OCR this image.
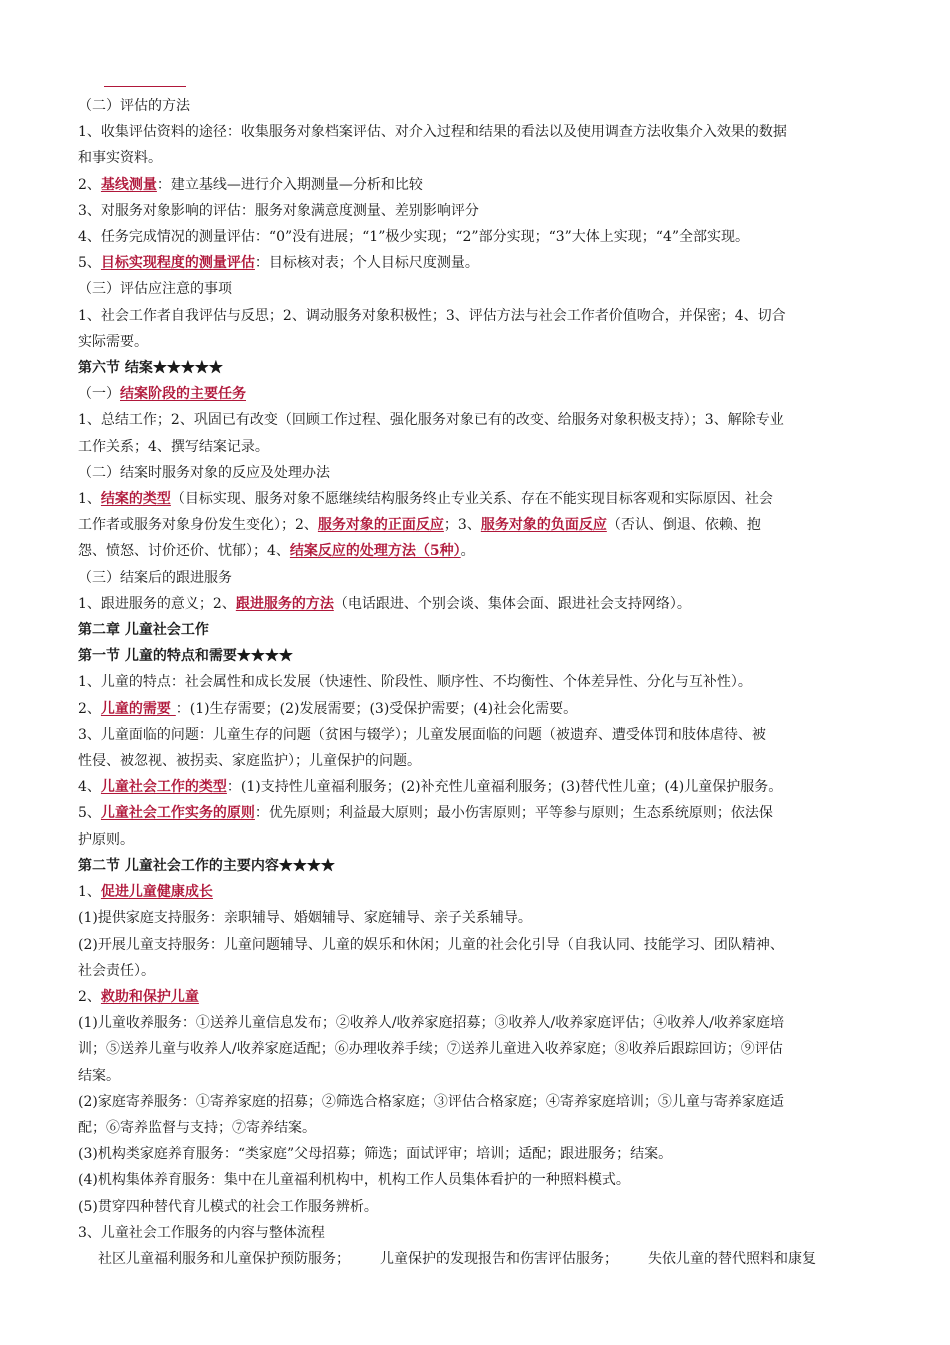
（二）评估的方法
1、收集评估资料的途径：收集服务对象档案评估、对介入过程和结果的看法以及使用调查方法收集介入效果的数据
和事实资料。
2、基线测量：建立基线—进行介入期测量—分析和比较
3、对服务对象影响的评估：服务对象满意度测量、差别影响评分
4、任务完成情况的测量评估：“0”没有进展；“1”极少实现；“2”部分实现；“3”大体上实现；“4”全部实现。
5、目标实现程度的测量评估：目标核对表；个人目标尺度测量。
（三）评估应注意的事项
1、社会工作者自我评估与反思；2、调动服务对象积极性；3、评估方法与社会工作者价值吻合，并保密；4、切合
实际需要。
第六节 结案★★★★★
（一）结案阶段的主要任务
1、总结工作；2、巩固已有改变（回顾工作过程、强化服务对象已有的改变、给服务对象积极支持）；3、解除专业
工作关系；4、撰写结案记录。
（二）结案时服务对象的反应及处理办法
1、结案的类型（目标实现、服务对象不愿继续结构服务终止专业关系、存在不能实现目标客观和实际原因、社会
工作者或服务对象身份发生变化）；2、服务对象的正面反应；3、服务对象的负面反应（否认、倒退、依赖、抱
怨、愤怒、讨价还价、忧郁）；4、结案反应的处理方法（5种）。
（三）结案后的跟进服务
1、跟进服务的意义；2、跟进服务的方法（电话跟进、个别会谈、集体会面、跟进社会支持网络）。
第二章 儿童社会工作
第一节 儿童的特点和需要★★★★
1、儿童的特点：社会属性和成长发展（快速性、阶段性、顺序性、不均衡性、个体差异性、分化与互补性）。
2、儿童的需要 ：(1)生存需要；(2)发展需要；(3)受保护需要；(4)社会化需要。
3、儿童面临的问题：儿童生存的问题（贫困与辍学）；儿童发展面临的问题（被遗弃、遭受体罚和肢体虐待、被
性侵、被忽视、被拐卖、家庭监护）；儿童保护的问题。
4、儿童社会工作的类型：(1)支持性儿童福利服务；(2)补充性儿童福利服务；(3)替代性儿童；(4)儿童保护服务。
5、儿童社会工作实务的原则：优先原则；利益最大原则；最小伤害原则；平等参与原则；生态系统原则；依法保
护原则。
第二节 儿童社会工作的主要内容★★★★
1、促进儿童健康成长
(1)提供家庭支持服务：亲职辅导、婚姻辅导、家庭辅导、亲子关系辅导。
(2)开展儿童支持服务：儿童问题辅导、儿童的娱乐和休闲；儿童的社会化引导（自我认同、技能学习、团队精神、
社会责任）。
2、救助和保护儿童
(1)儿童收养服务：①送养儿童信息发布；②收养人/收养家庭招募；③收养人/收养家庭评估；④收养人/收养家庭培
训；⑤送养儿童与收养人/收养家庭适配；⑥办理收养手续；⑦送养儿童进入收养家庭；⑧收养后跟踪回访；⑨评估
结案。
(2)家庭寄养服务：①寄养家庭的招募；②筛选合格家庭；③评估合格家庭；④寄养家庭培训；⑤儿童与寄养家庭适
配；⑥寄养监督与支持；⑦寄养结案。
(3)机构类家庭养育服务：“类家庭”父母招募；筛选；面试评审；培训；适配；跟进服务；结案。
(4)机构集体养育服务：集中在儿童福利机构中，机构工作人员集体看护的一种照料模式。
(5)贯穿四种替代育儿模式的社会工作服务辨析。
3、儿童社会工作服务的内容与整体流程
社区儿童福利服务和儿童保护预防服务； 儿童保护的发现报告和伤害评估服务； 失依儿童的替代照料和康复
